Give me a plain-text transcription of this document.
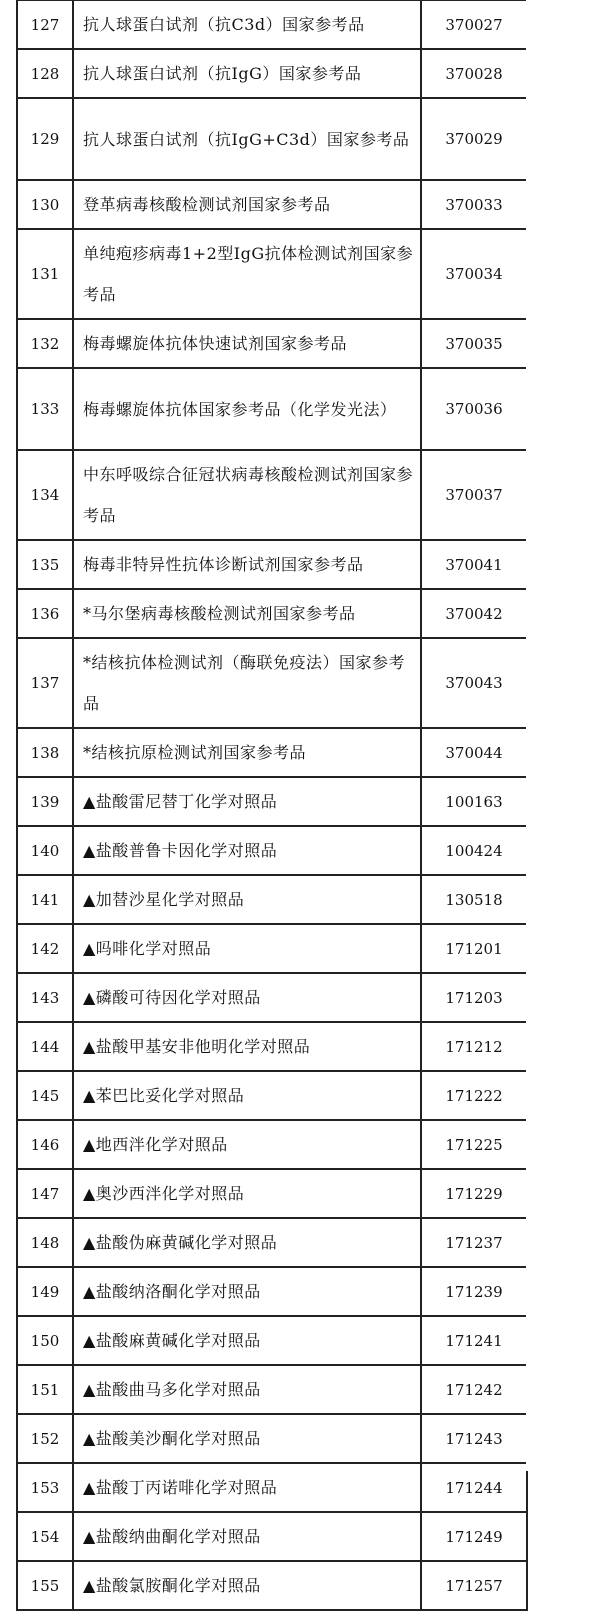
127	抗人球蛋白试剂（抗C3d）国家参考品	370027
128	抗人球蛋白试剂（抗IgG）国家参考品	370028
129	抗人球蛋白试剂（抗IgG+C3d）国家参考品	370029
130	登革病毒核酸检测试剂国家参考品	370033
131	单纯疱疹病毒1+2型IgG抗体检测试剂国家参考品	370034
132	梅毒螺旋体抗体快速试剂国家参考品	370035
133	梅毒螺旋体抗体国家参考品（化学发光法）	370036
134	中东呼吸综合征冠状病毒核酸检测试剂国家参考品	370037
135	梅毒非特异性抗体诊断试剂国家参考品	370041
136	*马尔堡病毒核酸检测试剂国家参考品	370042
137	*结核抗体检测试剂（酶联免疫法）国家参考品	370043
138	*结核抗原检测试剂国家参考品	370044
139	▲盐酸雷尼替丁化学对照品	100163
140	▲盐酸普鲁卡因化学对照品	100424
141	▲加替沙星化学对照品	130518
142	▲吗啡化学对照品	171201
143	▲磷酸可待因化学对照品	171203
144	▲盐酸甲基安非他明化学对照品	171212
145	▲苯巴比妥化学对照品	171222
146	▲地西泮化学对照品	171225
147	▲奥沙西泮化学对照品	171229
148	▲盐酸伪麻黄碱化学对照品	171237
149	▲盐酸纳洛酮化学对照品	171239
150	▲盐酸麻黄碱化学对照品	171241
151	▲盐酸曲马多化学对照品	171242
152	▲盐酸美沙酮化学对照品	171243
153	▲盐酸丁丙诺啡化学对照品	171244
154	▲盐酸纳曲酮化学对照品	171249
155	▲盐酸氯胺酮化学对照品	171257
